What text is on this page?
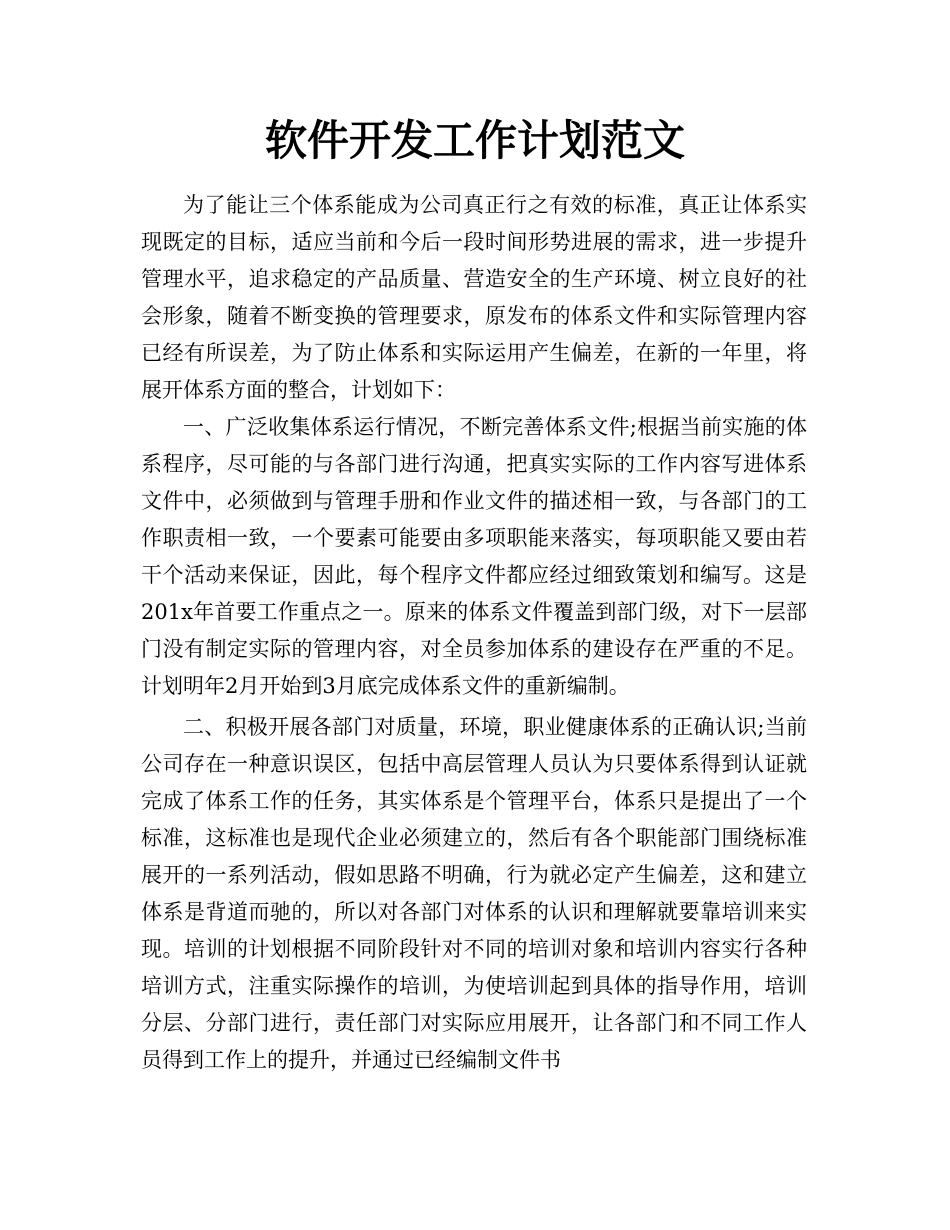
软件开发工作计划范文

为了能让三个体系能成为公司真正行之有效的标准，真正让体系实现既定的目标，适应当前和今后一段时间形势进展的需求，进一步提升管理水平，追求稳定的产品质量、营造安全的生产环境、树立良好的社会形象，随着不断变换的管理要求，原发布的体系文件和实际管理内容已经有所误差，为了防止体系和实际运用产生偏差，在新的一年里，将展开体系方面的整合，计划如下：

一、广泛收集体系运行情况，不断完善体系文件;根据当前实施的体系程序，尽可能的与各部门进行沟通，把真实实际的工作内容写进体系文件中，必须做到与管理手册和作业文件的描述相一致，与各部门的工作职责相一致，一个要素可能要由多项职能来落实，每项职能又要由若干个活动来保证，因此，每个程序文件都应经过细致策划和编写。这是201x年首要工作重点之一。原来的体系文件覆盖到部门级，对下一层部门没有制定实际的管理内容，对全员参加体系的建设存在严重的不足。计划明年2月开始到3月底完成体系文件的重新编制。

二、积极开展各部门对质量，环境，职业健康体系的正确认识;当前公司存在一种意识误区，包括中高层管理人员认为只要体系得到认证就完成了体系工作的任务，其实体系是个管理平台，体系只是提出了一个标准，这标准也是现代企业必须建立的，然后有各个职能部门围绕标准展开的一系列活动，假如思路不明确，行为就必定产生偏差，这和建立体系是背道而驰的，所以对各部门对体系的认识和理解就要靠培训来实现。培训的计划根据不同阶段针对不同的培训对象和培训内容实行各种培训方式，注重实际操作的培训，为使培训起到具体的指导作用，培训分层、分部门进行，责任部门对实际应用展开，让各部门和不同工作人员得到工作上的提升，并通过已经编制文件书
